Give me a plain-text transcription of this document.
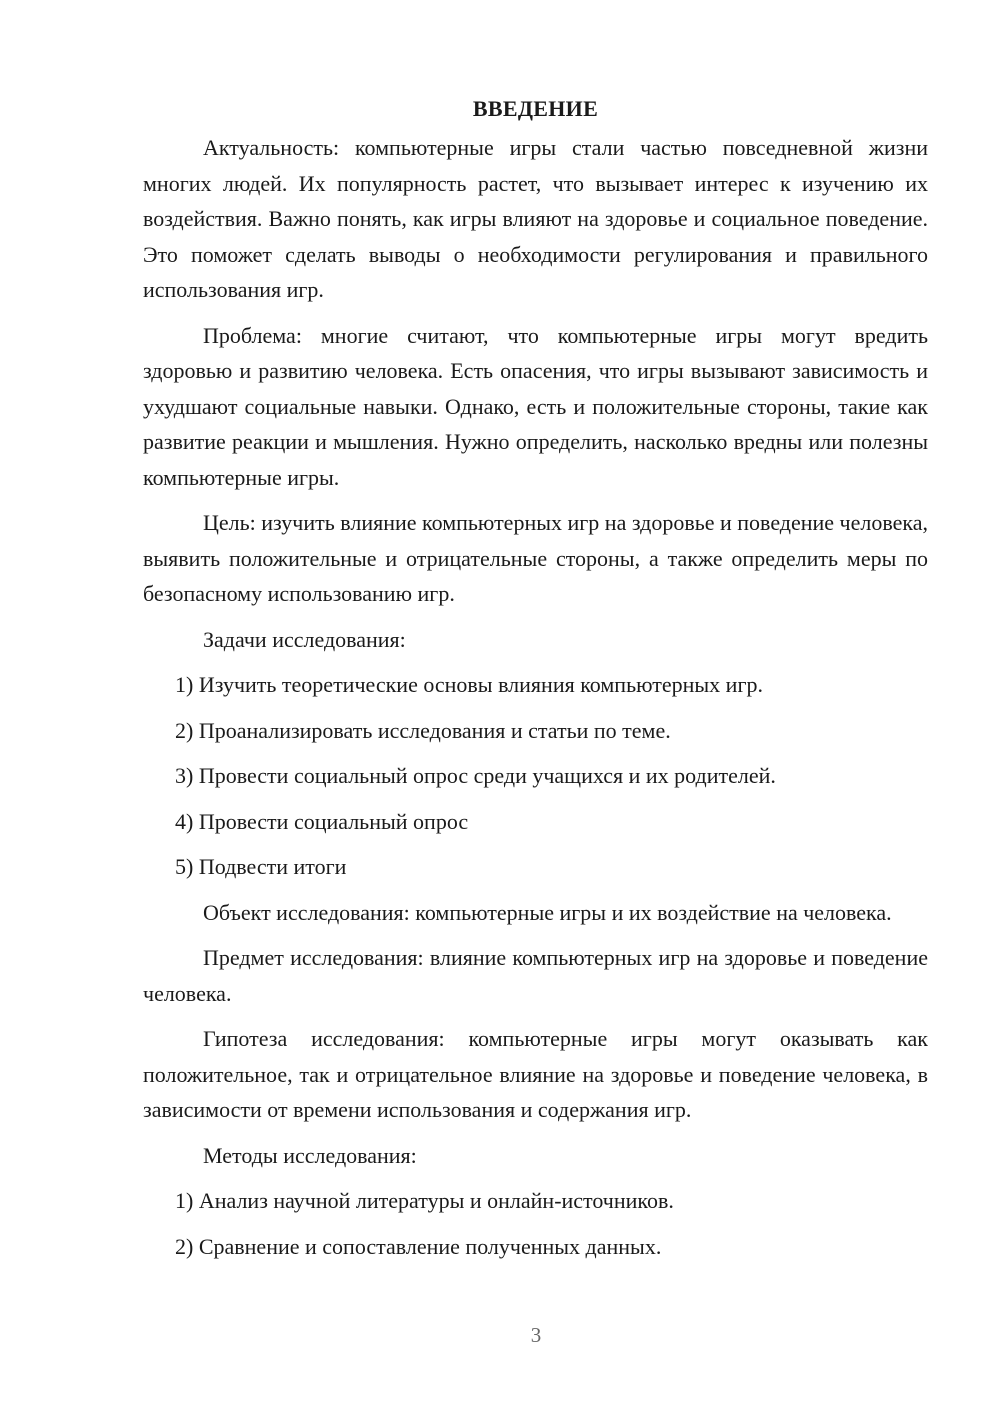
ВВЕДЕНИЕ

Актуальность: компьютерные игры стали частью повседневной жизни многих людей. Их популярность растет, что вызывает интерес к изучению их воздействия. Важно понять, как игры влияют на здоровье и социальное поведение. Это поможет сделать выводы о необходимости регулирования и правильного использования игр.

Проблема: многие считают, что компьютерные игры могут вредить здоровью и развитию человека. Есть опасения, что игры вызывают зависимость и ухудшают социальные навыки. Однако, есть и положительные стороны, такие как развитие реакции и мышления. Нужно определить, насколько вредны или полезны компьютерные игры.

Цель: изучить влияние компьютерных игр на здоровье и поведение человека, выявить положительные и отрицательные стороны, а также определить меры по безопасному использованию игр.

Задачи исследования:

1) Изучить теоретические основы влияния компьютерных игр.

2) Проанализировать исследования и статьи по теме.

3) Провести социальный опрос среди учащихся и их родителей.

4) Провести социальный опрос

5) Подвести итоги

Объект исследования: компьютерные игры и их воздействие на человека.

Предмет исследования: влияние компьютерных игр на здоровье и поведение человека.

Гипотеза исследования: компьютерные игры могут оказывать как положительное, так и отрицательное влияние на здоровье и поведение человека, в зависимости от времени использования и содержания игр.

Методы исследования:

1) Анализ научной литературы и онлайн-источников.

2) Сравнение и сопоставление полученных данных.

3
